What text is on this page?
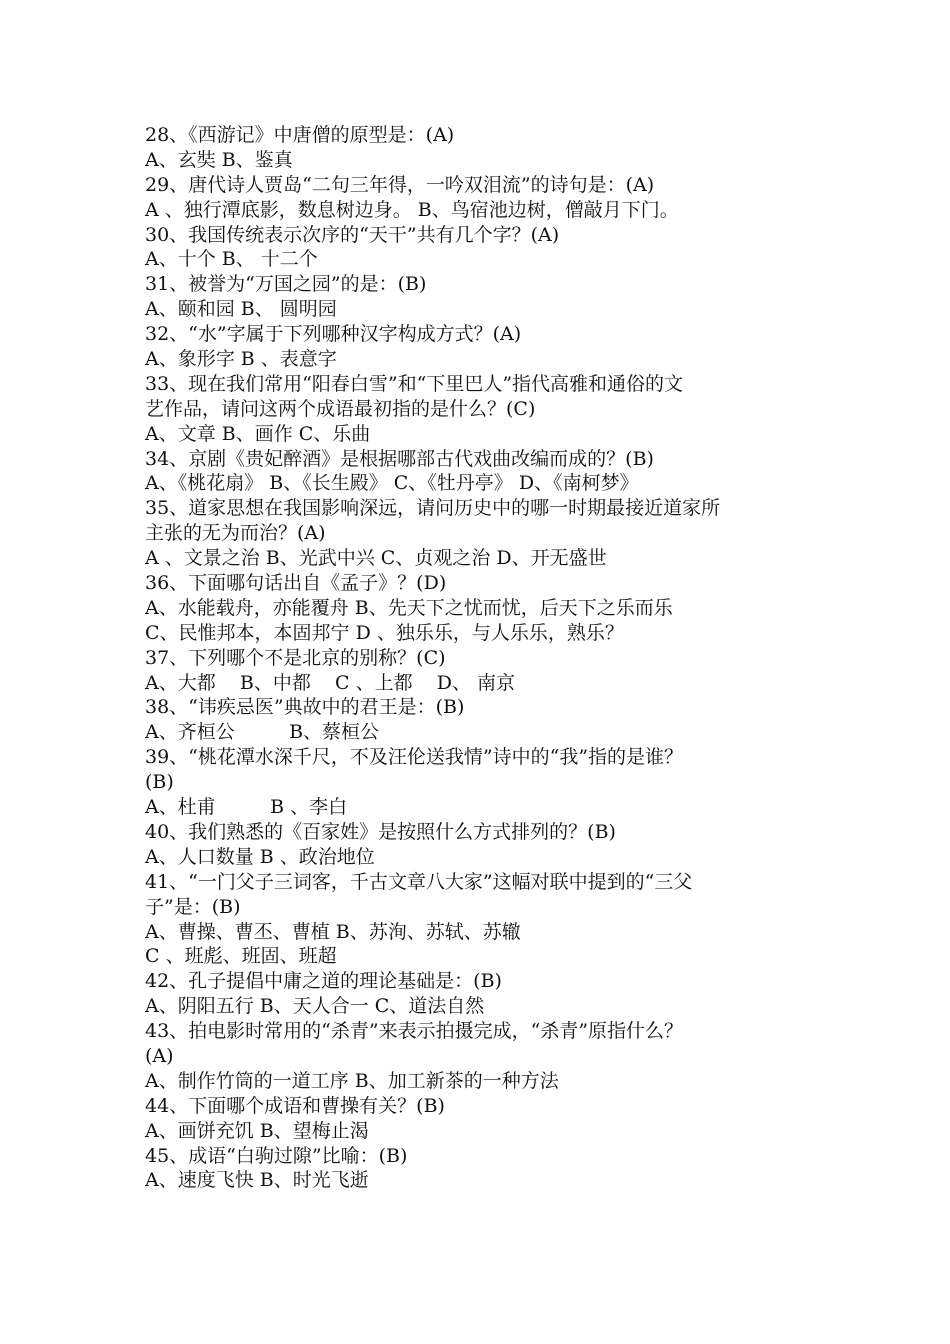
28、《西游记》中唐僧的原型是：(A)
A、玄奘 B、鉴真
29、唐代诗人贾岛“二句三年得，一吟双泪流”的诗句是：(A)
A 、独行潭底影，数息树边身。 B、鸟宿池边树，僧敲月下门。
30、我国传统表示次序的“天干”共有几个字？(A)
A、十个 B、 十二个
31、被誉为“万国之园”的是：(B)
A、颐和园 B、 圆明园
32、“水”字属于下列哪种汉字构成方式？(A)
A、象形字 B 、表意字
33、现在我们常用“阳春白雪”和“下里巴人”指代高雅和通俗的文
艺作品，请问这两个成语最初指的是什么？(C)
A、文章 B、画作 C、乐曲
34、京剧《贵妃醉酒》是根据哪部古代戏曲改编而成的？(B)
A、《桃花扇》 B、《长生殿》 C、《牡丹亭》 D、《南柯梦》
35、道家思想在我国影响深远，请问历史中的哪一时期最接近道家所
主张的无为而治？(A)
A 、文景之治 B、光武中兴 C、贞观之治 D、开无盛世
36、下面哪句话出自《孟子》？(D)
A、水能载舟，亦能覆舟 B、先天下之忧而忧，后天下之乐而乐
C、民惟邦本，本固邦宁 D 、独乐乐，与人乐乐，熟乐？
37、下列哪个不是北京的别称？(C)
A、大都    B、中都    C 、上都    D、 南京
38、“讳疾忌医”典故中的君王是：(B)
A、齐桓公         B、蔡桓公
39、“桃花潭水深千尺，不及汪伦送我情”诗中的“我”指的是谁？
(B)
A、杜甫         B 、李白
40、我们熟悉的《百家姓》是按照什么方式排列的？(B)
A、人口数量 B 、政治地位
41、“一门父子三词客，千古文章八大家”这幅对联中提到的“三父
子”是：(B)
A、曹操、曹丕、曹植 B、苏洵、苏轼、苏辙
C 、班彪、班固、班超
42、孔子提倡中庸之道的理论基础是：(B)
A、阴阳五行 B、天人合一 C、道法自然
43、拍电影时常用的“杀青”来表示拍摄完成，“杀青”原指什么？
(A)
A、制作竹筒的一道工序 B、加工新茶的一种方法
44、下面哪个成语和曹操有关？(B)
A、画饼充饥 B、望梅止渴
45、成语“白驹过隙”比喻：(B)
A、速度飞快 B、时光飞逝
